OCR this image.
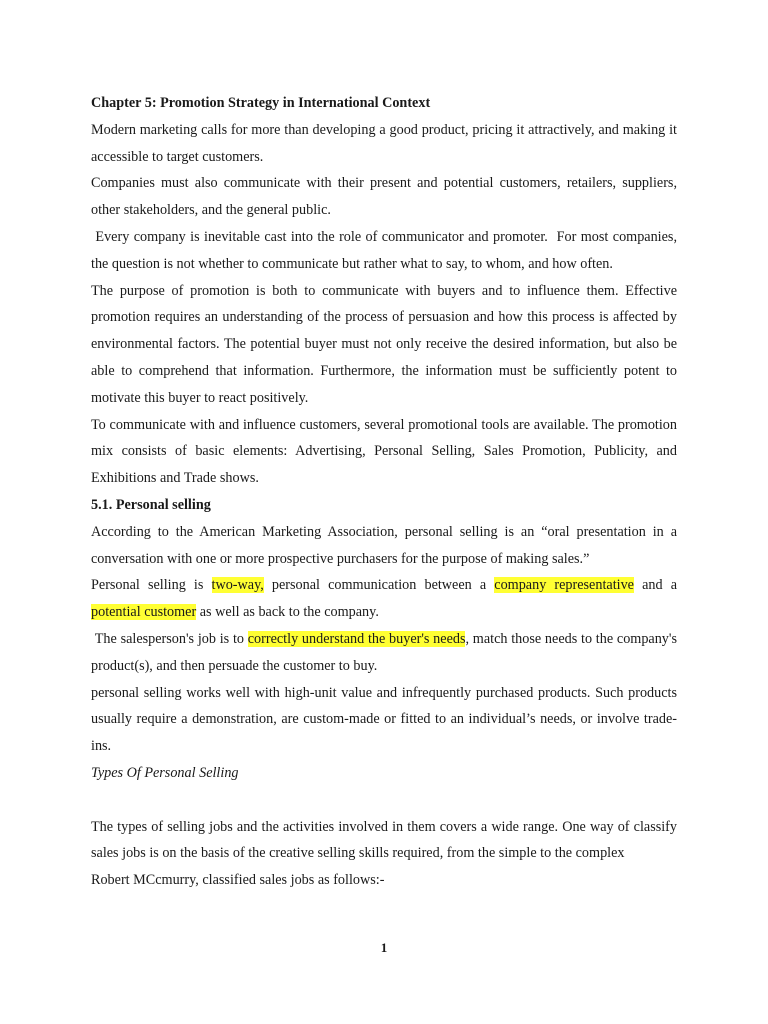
Chapter 5: Promotion Strategy in International Context

Modern marketing calls for more than developing a good product, pricing it attractively, and making it accessible to target customers.

Companies must also communicate with their present and potential customers, retailers, suppliers, other stakeholders, and the general public.

Every company is inevitable cast into the role of communicator and promoter.  For most companies, the question is not whether to communicate but rather what to say, to whom, and how often.

The purpose of promotion is both to communicate with buyers and to influence them. Effective promotion requires an understanding of the process of persuasion and how this process is affected by environmental factors. The potential buyer must not only receive the desired information, but also be able to comprehend that information. Furthermore, the information must be sufficiently potent to motivate this buyer to react positively.

To communicate with and influence customers, several promotional tools are available. The promotion mix consists of basic elements: Advertising, Personal Selling, Sales Promotion, Publicity, and Exhibitions and Trade shows.

5.1. Personal selling

According to the American Marketing Association, personal selling is an “oral presentation in a conversation with one or more prospective purchasers for the purpose of making sales.”

Personal selling is two-way, personal communication between a company representative and a potential customer as well as back to the company.

The salesperson's job is to correctly understand the buyer's needs, match those needs to the company's product(s), and then persuade the customer to buy.

personal selling works well with high-unit value and infrequently purchased products. Such products usually require a demonstration, are custom-made or fitted to an individual’s needs, or involve trade-ins.

Types Of Personal Selling

The types of selling jobs and the activities involved in them covers a wide range. One way of classify sales jobs is on the basis of the creative selling skills required, from the simple to the complex

Robert MCcmurry, classified sales jobs as follows:-

1
